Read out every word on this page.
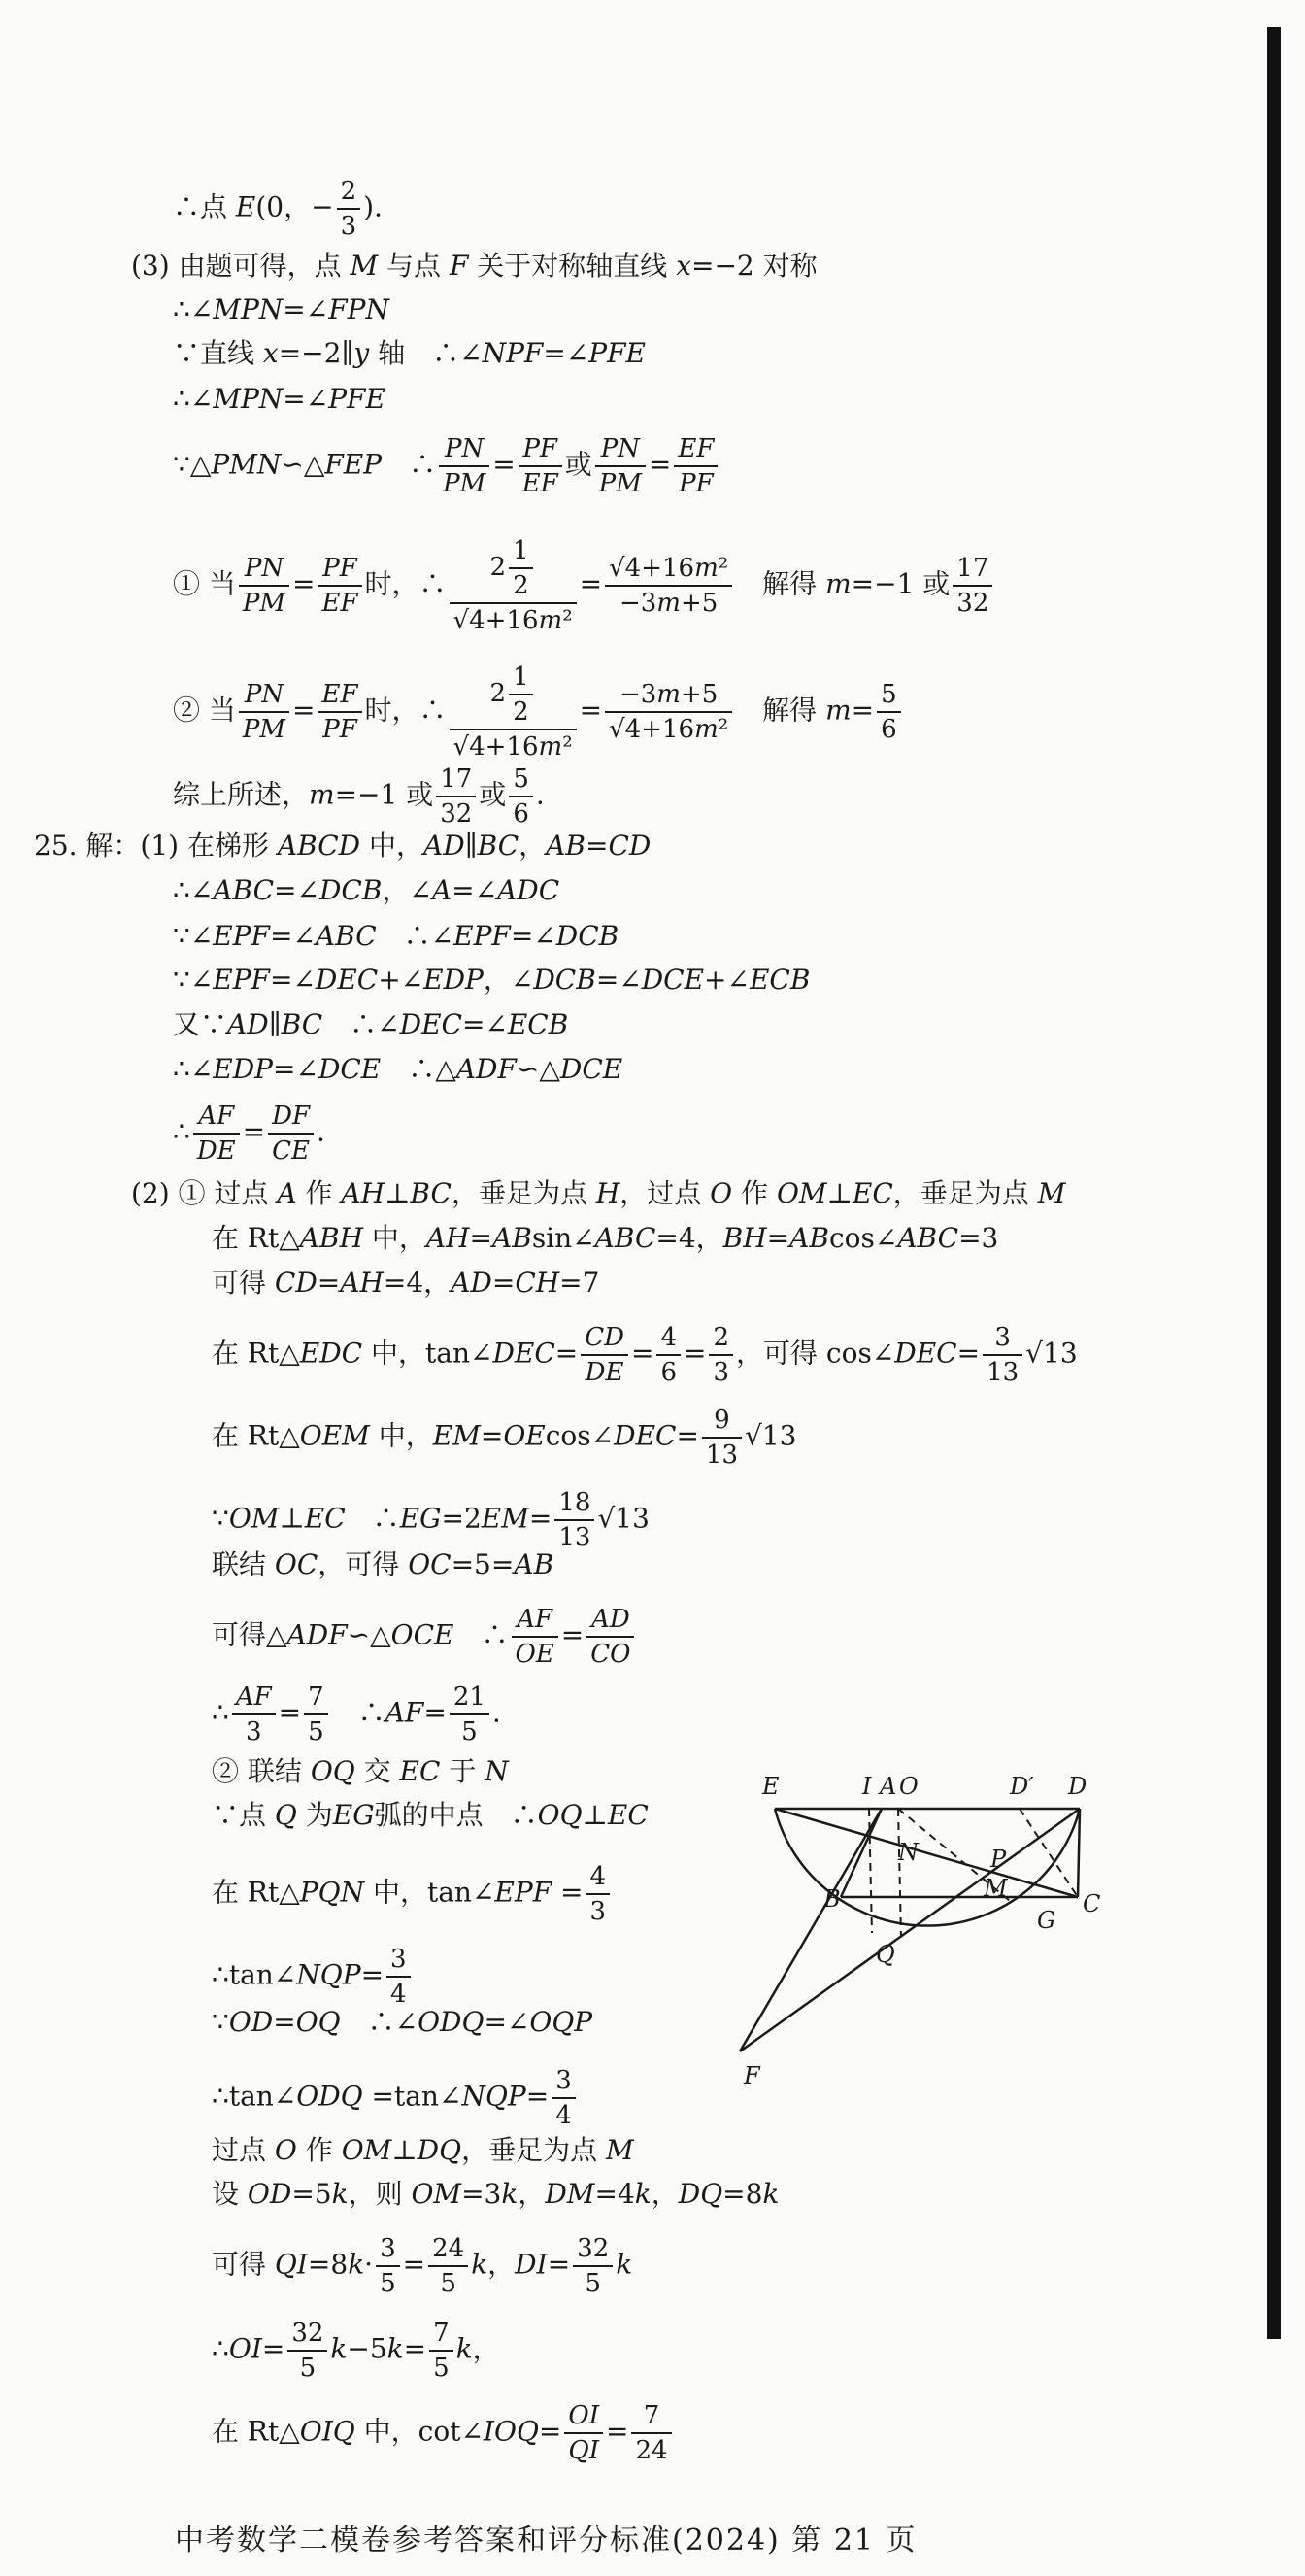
∴点 E(0，− $\frac{2}{3}$ ).
(3) 由题可得，点 M 与点 F 关于对称轴直线 x=−2 对称
∴∠MPN=∠FPN
∵直线 x=−2∥y 轴　∴∠NPF=∠PFE
∴∠MPN=∠PFE
∵△PMN∽△FEP　∴ $\frac{PN}{PM} = \frac{PF}{EF}$ 或 $\frac{PN}{PM} = \frac{EF}{PF}$
① 当 $\frac{PN}{PM} = \frac{PF}{EF}$ 时，∴ $\frac{2 \frac{1}{2}}{\text{√4+16m²}} = \frac{\text{√4+16m²}}{-3m+5}$ 　解得 m=−1 或 $\frac{17}{32}$
② 当 $\frac{PN}{PM} = \frac{EF}{PF}$ 时，∴ $\frac{2 \frac{1}{2}}{\text{√4+16m²}} = \frac{-3m+5}{\text{√4+16m²}}$ 　解得 $m= \frac{5}{6}$
综上所述，m=−1 或 $\frac{17}{32}$ 或 $\frac{5}{6}$ .
25. 解：(1) 在梯形 ABCD 中，AD∥BC，AB=CD
∴∠ABC=∠DCB，∠A=∠ADC
∵∠EPF=∠ABC　∴∠EPF=∠DCB
∵∠EPF=∠DEC+∠EDP，∠DCB=∠DCE+∠ECB
又∵AD∥BC　∴∠DEC=∠ECB
∴∠EDP=∠DCE　∴△ADF∽△DCE
∴ $\frac{AF}{DE} = \frac{DF}{CE}$ .
(2) ① 过点 A 作 AH⊥BC，垂足为点 H，过点 O 作 OM⊥EC，垂足为点 M
在 Rt△ABH 中，AH=ABsin∠ABC=4，BH=ABcos∠ABC=3
可得 CD=AH=4，AD=CH=7
在 Rt△EDC 中，tan∠DEC= $\frac{CD}{DE} = \frac{4}{6} = \frac{2}{3}$ ，可得 cos∠DEC= $\frac{3}{13} √13$
在 Rt△OEM 中，EM=OEcos∠DEC= $\frac{9}{13} √13$
∵OM⊥EC　∴EG=2EM= $\frac{18}{13} √13$
联结 OC，可得 OC=5=AB
可得△ADF∽△OCE　∴ $\frac{AF}{OE} = \frac{AD}{CO}$
∴ $\frac{AF}{3} = \frac{7}{5}$ 　∴AF= $\frac{21}{5}$ .
② 联结 OQ 交 EC 于 N
∵点 Q 为EG弧的中点　∴OQ⊥EC
在 Rt△PQN 中，tan∠EPF = $\frac{4}{3}$
∴tan∠NQP= $\frac{3}{4}$
∵OD=OQ　∴∠ODQ=∠OQP
∴tan∠ODQ =tan∠NQP= $\frac{3}{4}$
过点 O 作 OM⊥DQ，垂足为点 M
设 OD=5k，则 OM=3k，DM=4k，DQ=8k
可得 $QI=8k\cdot \frac{3}{5} = \frac{24}{5}$ k，$DI= \frac{32}{5}$ k
∴OI= $\frac{32}{5} k-5k= \frac{7}{5}$ k，
在 Rt△OIQ 中，cot∠IOQ= $\frac{OI}{QI} = \frac{7}{24}$
E	I A O	D′ D
N	P
B	M
C
G
Q
F
中考数学二模卷参考答案和评分标准(2024) 第 21 页
